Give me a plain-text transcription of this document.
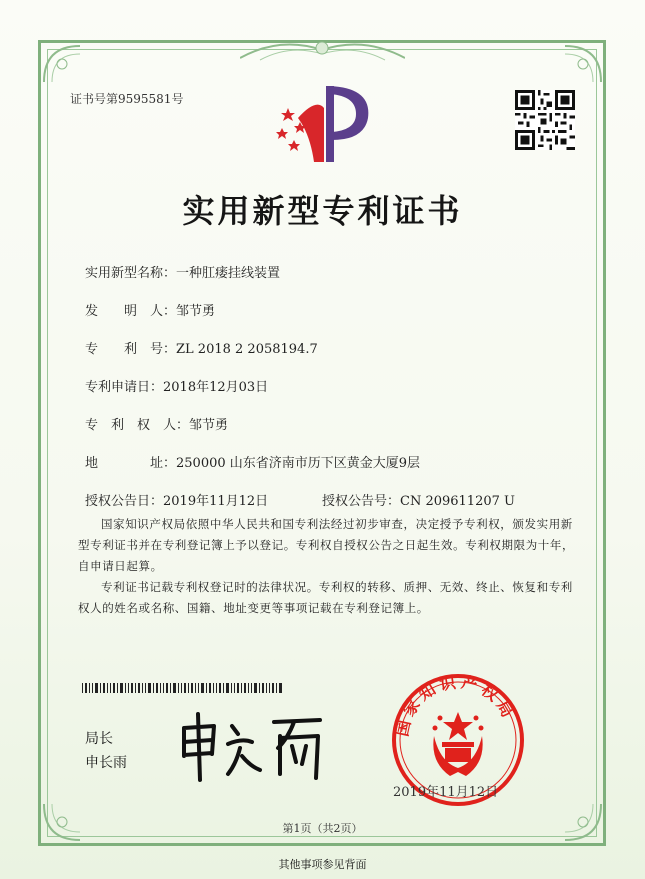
证书号第9595581号
实用新型专利证书
实用新型名称：一种肛瘘挂线装置
发　　明　人：邹节勇
专　　利　号：ZL 2018 2 2058194.7
专利申请日：2018年12月03日
专　利　权　人：邹节勇
地　　　　址：250000 山东省济南市历下区黄金大厦9层
授权公告日：2019年11月12日	授权公告号：CN 209611207 U
国家知识产权局依照中华人民共和国专利法经过初步审查，决定授予专利权，颁发实用新型专利证书并在专利登记簿上予以登记。专利权自授权公告之日起生效。专利权期限为十年，自申请日起算。
专利证书记载专利权登记时的法律状况。专利权的转移、质押、无效、终止、恢复和专利权人的姓名或名称、国籍、地址变更等事项记载在专利登记簿上。
局长
申长雨
国家知识产权局
2019年11月12日
第1页（共2页）
其他事项参见背面
